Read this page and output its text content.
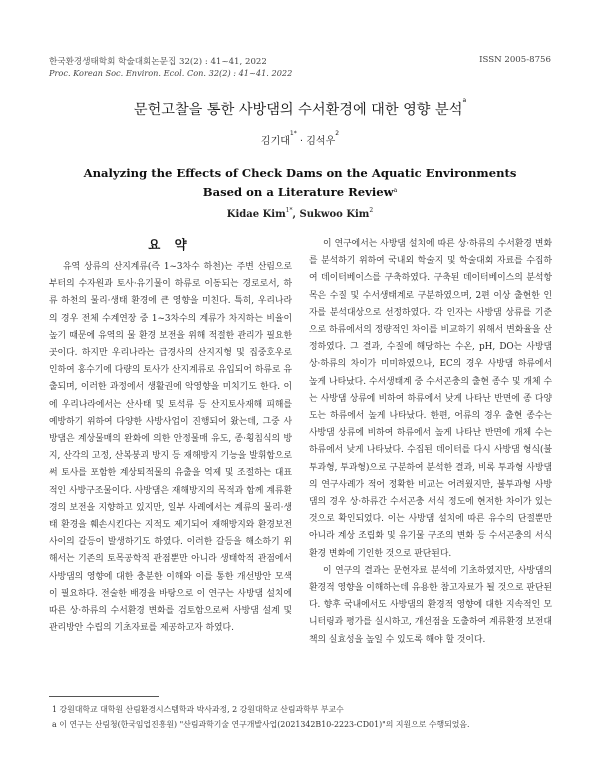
한국환경생태학회 학술대회논문집 32(2) : 41~41, 2022
Proc. Korean Soc. Environ. Ecol. Con. 32(2) : 41~41. 2022
ISSN 2005-8756
문헌고찰을 통한 사방댐의 수서환경에 대한 영향 분석$^a$
김기대$^{1*}$ · 김석우$^2$
Analyzing the Effects of Check Dams on the Aquatic Environments
Based on a Literature Review$^a$
Kidae Kim$^{1*}$, Sukwoo Kim$^2$
요 약

유역 상류의 산지계류(즉 1~3차수 하천)는 주변 산림으로부터의 수자원과 토사·유기물이 하류로 이동되는 경로로서, 하류 하천의 물리·생태 환경에 큰 영향을 미친다. 특히, 우리나라의 경우 전체 수계연장 중 1~3차수의 계류가 차지하는 비율이 높기 때문에 유역의 물 환경 보전을 위해 적절한 관리가 필요한 곳이다. 하지만 우리나라는 급경사의 산지지형 및 집중호우로 인하여 홍수기에 다량의 토사가 산지계류로 유입되어 하류로 유출되며, 이러한 과정에서 생활권에 악영향을 미치기도 한다. 이에 우리나라에서는 산사태 및 토석류 등 산지토사재해 피해를 예방하기 위하여 다양한 사방사업이 진행되어 왔는데, 그중 사방댐은 계상물매의 완화에 의한 안정물매 유도, 종·횡침식의 방지, 산각의 고정, 산복붕괴 방지 등 재해방지 기능을 발휘함으로써 토사를 포함한 계상퇴적물의 유출을 억제 및 조절하는 대표적인 사방구조물이다. 사방댐은 재해방지의 목적과 함께 계류환경의 보전을 지향하고 있지만, 일부 사례에서는 계류의 물리·생태 환경을 훼손시킨다는 지적도 제기되어 재해방지와 환경보전 사이의 갈등이 발생하기도 하였다. 이러한 갈등을 해소하기 위해서는 기존의 토목공학적 관점뿐만 아니라 생태학적 관점에서 사방댐의 영향에 대한 충분한 이해와 이를 통한 개선방안 모색이 필요하다. 전술한 배경을 바탕으로 이 연구는 사방댐 설치에 따른 상·하류의 수서환경 변화를 검토함으로써 사방댐 설계 및 관리방안 수립의 기초자료를 제공하고자 하였다.

이 연구에서는 사방댐 설치에 따른 상·하류의 수서환경 변화를 분석하기 위하여 국내외 학술지 및 학술대회 자료를 수집하여 데이터베이스를 구축하였다. 구축된 데이터베이스의 분석항목은 수질 및 수서생태계로 구분하였으며, 2편 이상 출현한 인자를 분석대상으로 선정하였다. 각 인자는 사방댐 상류를 기준으로 하류에서의 정량적인 차이를 비교하기 위해서 변화율을 산정하였다. 그 결과, 수질에 해당하는 수온, pH, DO는 사방댐 상·하류의 차이가 미미하였으나, EC의 경우 사방댐 하류에서 높게 나타났다. 수서생태계 중 수서곤충의 출현 종수 및 개체 수는 사방댐 상류에 비하여 하류에서 낮게 나타난 반면에 종 다양도는 하류에서 높게 나타났다. 한편, 어류의 경우 출현 종수는 사방댐 상류에 비하여 하류에서 높게 나타난 반면에 개체 수는 하류에서 낮게 나타났다. 수집된 데이터를 다시 사방댐 형식(불투과형, 투과형)으로 구분하여 분석한 결과, 비록 투과형 사방댐의 연구사례가 적어 정확한 비교는 어려웠지만, 불투과형 사방댐의 경우 상·하류간 수서곤충 서식 정도에 현저한 차이가 있는 것으로 확인되었다. 이는 사방댐 설치에 따른 유수의 단절뿐만 아니라 계상 조립화 및 유기물 구조의 변화 등 수서곤충의 서식환경 변화에 기인한 것으로 판단된다.

이 연구의 결과는 문헌자료 분석에 기초하였지만, 사방댐의 환경적 영향을 이해하는데 유용한 참고자료가 될 것으로 판단된다. 향후 국내에서도 사방댐의 환경적 영향에 대한 지속적인 모니터링과 평가를 실시하고, 개선점을 도출하여 계류환경 보전대책의 실효성을 높일 수 있도록 해야 할 것이다.

1 강원대학교 대학원 산림환경시스템학과 박사과정, 2 강원대학교 산림과학부 부교수
a 이 연구는 산림청(한국임업진흥원) "산림과학기술 연구개발사업(2021342B10-2223-CD01)"의 지원으로 수행되었음.
